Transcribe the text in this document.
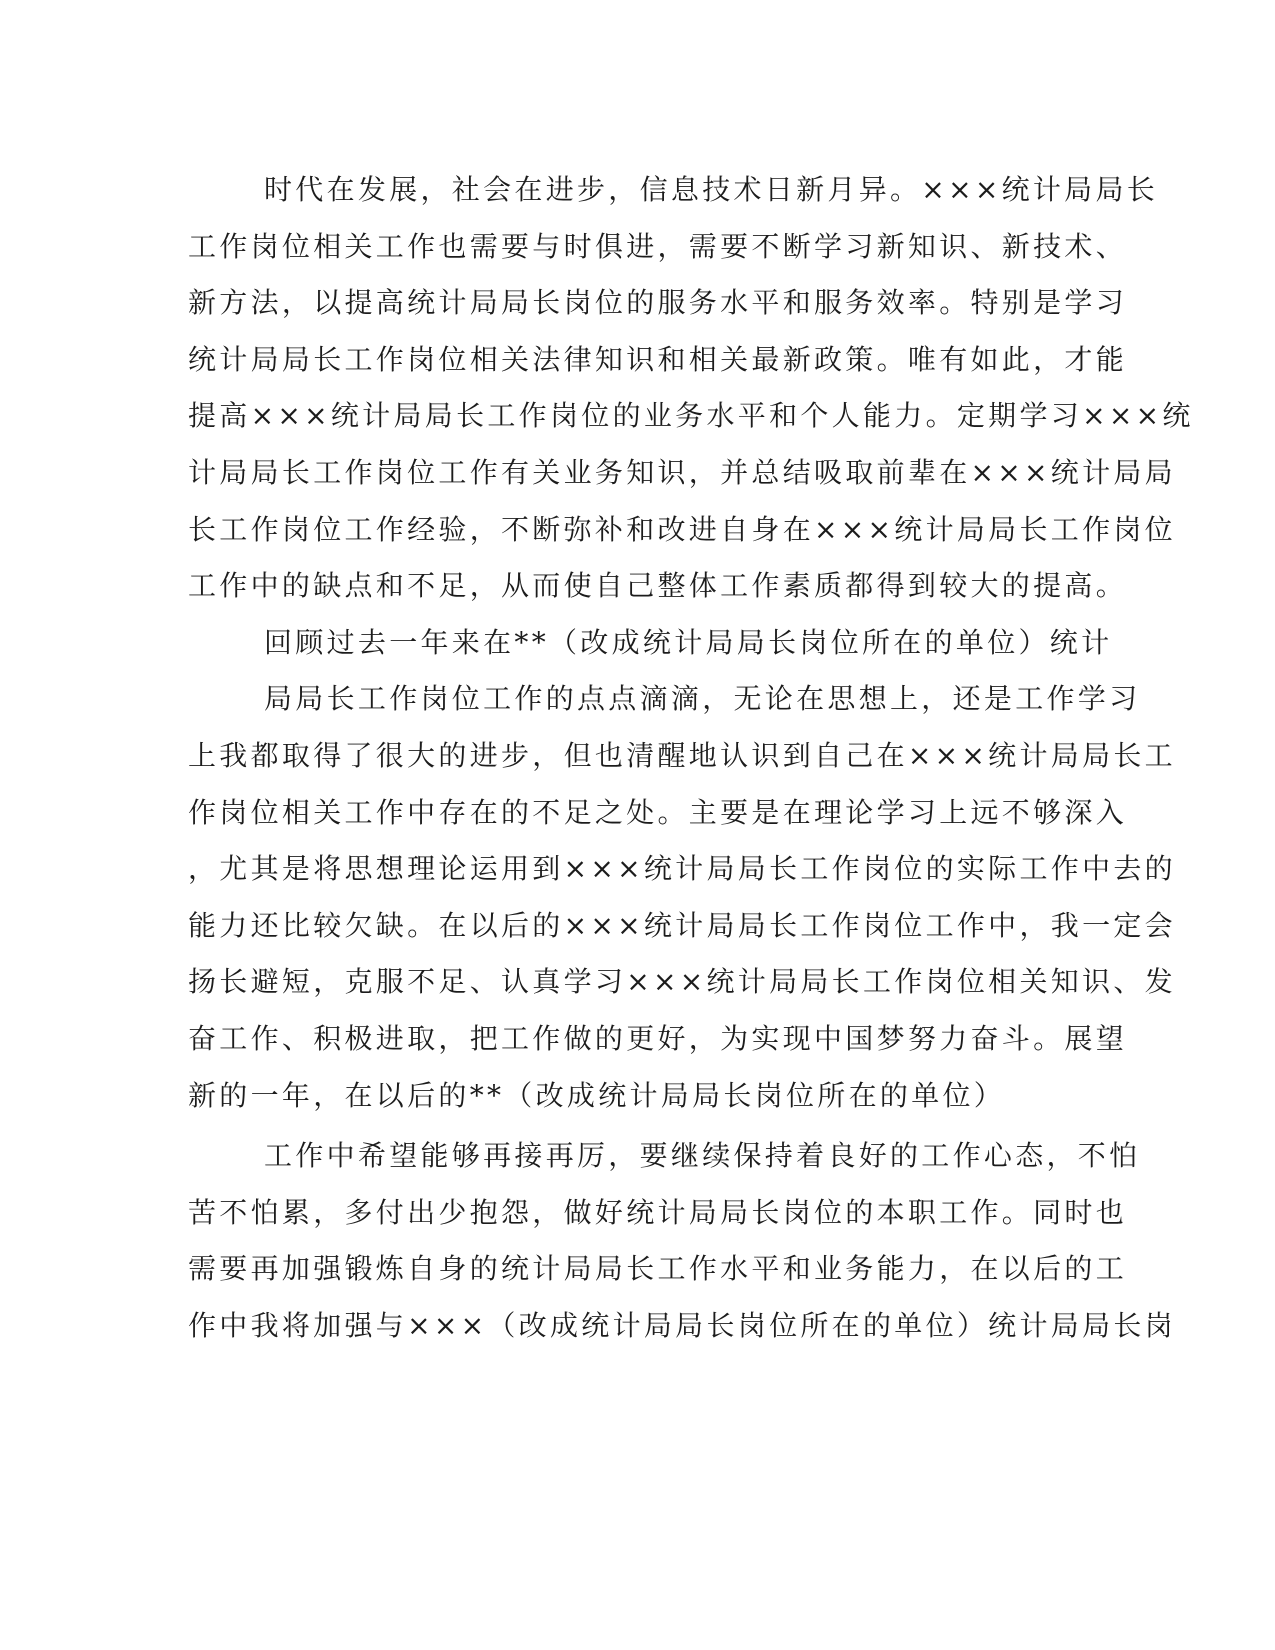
时代在发展，社会在进步，信息技术日新月异。×××统计局局长
工作岗位相关工作也需要与时俱进，需要不断学习新知识、新技术、
新方法，以提高统计局局长岗位的服务水平和服务效率。特别是学习
统计局局长工作岗位相关法律知识和相关最新政策。唯有如此，才能
提高×××统计局局长工作岗位的业务水平和个人能力。定期学习×××统
计局局长工作岗位工作有关业务知识，并总结吸取前辈在×××统计局局
长工作岗位工作经验，不断弥补和改进自身在×××统计局局长工作岗位
工作中的缺点和不足，从而使自己整体工作素质都得到较大的提高。
回顾过去一年来在**（改成统计局局长岗位所在的单位）统计
局局长工作岗位工作的点点滴滴，无论在思想上，还是工作学习
上我都取得了很大的进步，但也清醒地认识到自己在×××统计局局长工
作岗位相关工作中存在的不足之处。主要是在理论学习上远不够深入
，尤其是将思想理论运用到×××统计局局长工作岗位的实际工作中去的
能力还比较欠缺。在以后的×××统计局局长工作岗位工作中，我一定会
扬长避短，克服不足、认真学习×××统计局局长工作岗位相关知识、发
奋工作、积极进取，把工作做的更好，为实现中国梦努力奋斗。展望
新的一年，在以后的**（改成统计局局长岗位所在的单位）
工作中希望能够再接再厉，要继续保持着良好的工作心态，不怕
苦不怕累，多付出少抱怨，做好统计局局长岗位的本职工作。同时也
需要再加强锻炼自身的统计局局长工作水平和业务能力，在以后的工
作中我将加强与×××（改成统计局局长岗位所在的单位）统计局局长岗
